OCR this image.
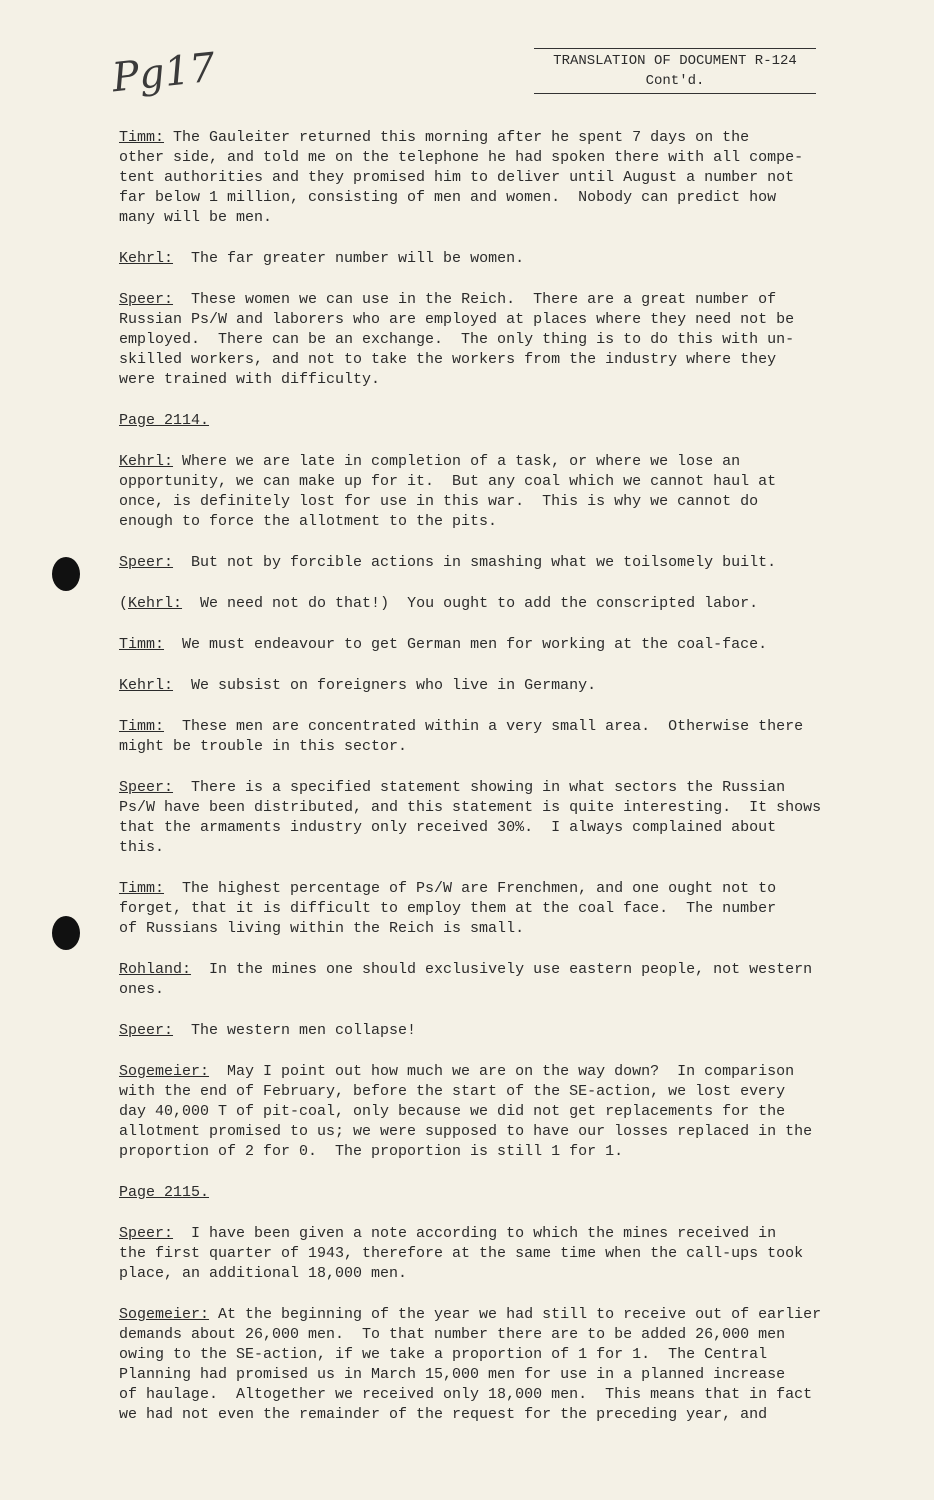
Pg17	TRANSLATION OF DOCUMENT R-124
Cont'd.
Timm: The Gauleiter returned this morning after he spent 7 days on the
other side, and told me on the telephone he had spoken there with all compe-
tent authorities and they promised him to deliver until August a number not
far below 1 million, consisting of men and women.  Nobody can predict how
many will be men.
Kehrl:  The far greater number will be women.
Speer:  These women we can use in the Reich.  There are a great number of
Russian Ps/W and laborers who are employed at places where they need not be
employed.  There can be an exchange.  The only thing is to do this with un-
skilled workers, and not to take the workers from the industry where they
were trained with difficulty.
Page 2114.
Kehrl: Where we are late in completion of a task, or where we lose an
opportunity, we can make up for it.  But any coal which we cannot haul at
once, is definitely lost for use in this war.  This is why we cannot do
enough to force the allotment to the pits.
Speer:  But not by forcible actions in smashing what we toilsomely built.
(Kehrl:  We need not do that!)  You ought to add the conscripted labor.
Timm:  We must endeavour to get German men for working at the coal-face.
Kehrl:  We subsist on foreigners who live in Germany.
Timm:  These men are concentrated within a very small area.  Otherwise there
might be trouble in this sector.
Speer:  There is a specified statement showing in what sectors the Russian
Ps/W have been distributed, and this statement is quite interesting.  It shows
that the armaments industry only received 30%.  I always complained about
this.
Timm:  The highest percentage of Ps/W are Frenchmen, and one ought not to
forget, that it is difficult to employ them at the coal face.  The number
of Russians living within the Reich is small.
Rohland:  In the mines one should exclusively use eastern people, not western
ones.
Speer:  The western men collapse!
Sogemeier:  May I point out how much we are on the way down?  In comparison
with the end of February, before the start of the SE-action, we lost every
day 40,000 T of pit-coal, only because we did not get replacements for the
allotment promised to us; we were supposed to have our losses replaced in the
proportion of 2 for 0.  The proportion is still 1 for 1.
Page 2115.
Speer:  I have been given a note according to which the mines received in
the first quarter of 1943, therefore at the same time when the call-ups took
place, an additional 18,000 men.
Sogemeier: At the beginning of the year we had still to receive out of earlier
demands about 26,000 men.  To that number there are to be added 26,000 men
owing to the SE-action, if we take a proportion of 1 for 1.  The Central
Planning had promised us in March 15,000 men for use in a planned increase
of haulage.  Altogether we received only 18,000 men.  This means that in fact
we had not even the remainder of the request for the preceding year, and
